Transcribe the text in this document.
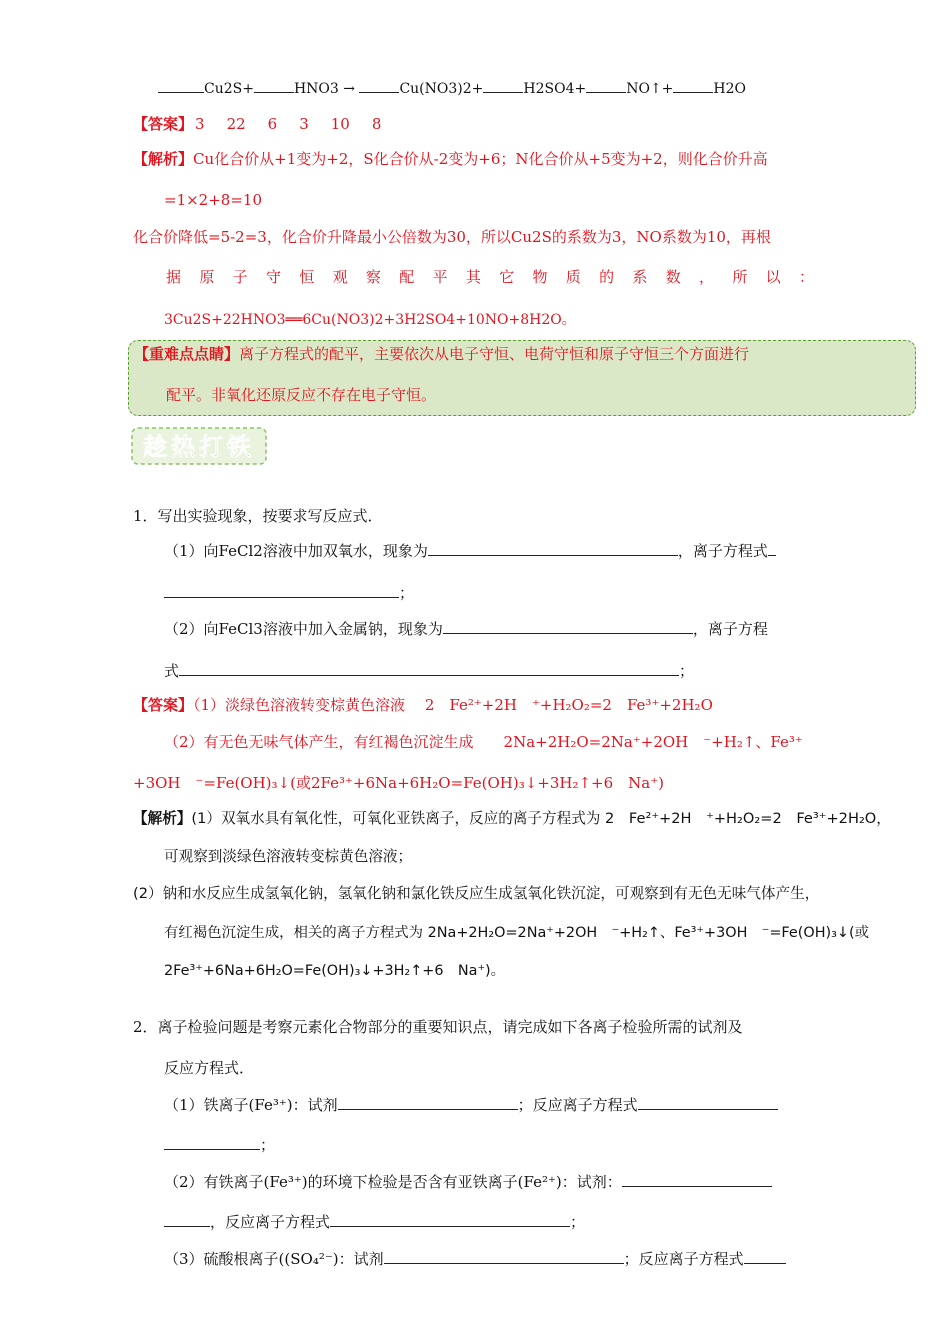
Cu2S+	HNO3 →	Cu(NO3)2+	H2SO4+	NO↑+	H2O
【答案】 3 22 6 3 10 8
【解析】Cu化合价从+1变为+2，S化合价从-2变为+6；N化合价从+5变为+2，则化合价升高
=1×2+8=10
化合价降低=5-2=3，化合价升降最小公倍数为30，所以Cu2S的系数为3，NO系数为10，再根
据 原 子 守 恒 观 察 配 平 其 它 物 质 的 系 数 ， 所 以 ：
3Cu2S+22HNO3══6Cu(NO3)2+3H2SO4+10NO+8H2O。
【重难点点睛】离子方程式的配平，主要依次从电子守恒、电荷守恒和原子守恒三个方面进行
配平。非氧化还原反应不存在电子守恒。
趁热打铁
1．写出实验现象，按要求写反应式．
（1）向FeCl2溶液中加双氧水，现象为	，离子方程式
；
（2）向FeCl3溶液中加入金属钠，现象为	，离子方程
式	；
【答案】（1）淡绿色溶液转变棕黄色溶液　 2　Fe²⁺+2H　⁺+H₂O₂=2　Fe³⁺+2H₂O
（2）有无色无味气体产生，有红褐色沉淀生成　　2Na+2H₂O=2Na⁺+2OH　⁻+H₂↑、Fe³⁺
+3OH　⁻=Fe(OH)₃↓(或2Fe³⁺+6Na+6H₂O=Fe(OH)₃↓+3H₂↑+6　Na⁺)
【解析】(1）双氧水具有氧化性，可氧化亚铁离子，反应的离子方程式为 2　Fe²⁺+2H　⁺+H₂O₂=2　Fe³⁺+2H₂O，
可观察到淡绿色溶液转变棕黄色溶液；
(2）钠和水反应生成氢氧化钠，氢氧化钠和氯化铁反应生成氢氧化铁沉淀，可观察到有无色无味气体产生，
有红褐色沉淀生成，相关的离子方程式为 2Na+2H₂O=2Na⁺+2OH　⁻+H₂↑、Fe³⁺+3OH　⁻=Fe(OH)₃↓(或
2Fe³⁺+6Na+6H₂O=Fe(OH)₃↓+3H₂↑+6　Na⁺)。
2．离子检验问题是考察元素化合物部分的重要知识点，请完成如下各离子检验所需的试剂及
反应方程式．
（1）铁离子(Fe³⁺)：试剂	；反应离子方程式
；
（2）有铁离子(Fe³⁺)的环境下检验是否含有亚铁离子(Fe²⁺)：试剂：
，反应离子方程式	；
（3）硫酸根离子((SO₄²⁻)：试剂	；反应离子方程式
